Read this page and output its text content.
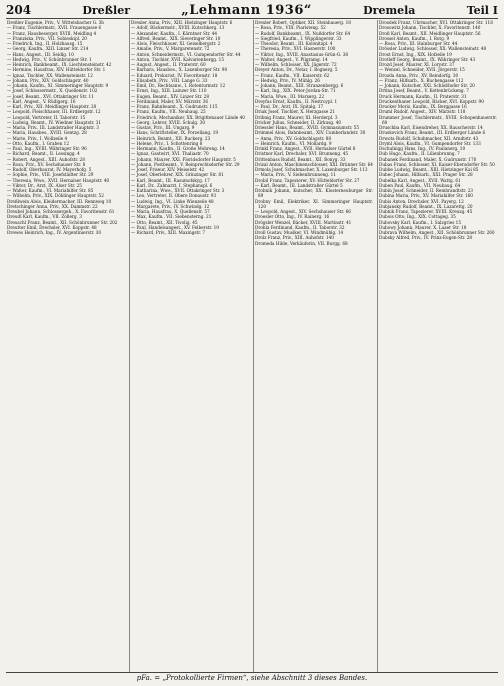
204	Dreßler	„Lehmann 1936“	Dremela	Teil I

Dreßler Eugenie, Priv., V. Wittelsbacher G. 3b

— Franz, Tischlermstr., XVII. Frauengasse 6

— Franz, Hausbesorger, XVIII. Meidling 4

— Franziska, Priv., VII. Sobieskipl. 20

— Friedrich, Ing., II. Holzhausg. 15

— Georg, Kaufm., XIII. Linzer Str. 214

— Hans, Angest., III. Seidlg. 10

— Hedwig, Priv., V. Schönbrunner Str. 1

— Heinrich, Bankbeamt., IX. Liechtensteinstr. 42

— Hermine, Hausfrau, XIV. Hütteldorfer Str. 1

— Ignaz, Tischler, XX. Wallensteinstr. 12

— Johann, Priv., XIV. Goldschlagstr. 40

— Johann, Kaufm., XI. Simmeringer Hauptstr. 9

— Josef, Schlossermstr., X. Quellenstr. 102

— Josef, Beamt., XVI. Ottakringer Str. 11

— Karl, Angest., V. Rüdigerg. 16

— Karl, Priv., XII. Meidlinger Hauptstr. 20

— Leopold, Fleischhauer, III. Erdbergstr. 12

— Leopold, Vertreter, II. Taborstr. 15

— Ludwig, Beamt., IV. Wiedner Hauptstr. 31

— Maria, Priv., III. Landstraßer Hauptstr. 3

— Maria, Hausbes., XVIII. Gentzg. 28

— Marie, Priv., I. Wollzeile 4

— Otto, Kaufm., I. Graben 12

— Paul, Ing., XVIII. Währinger Str. 96

— Richard, Beamt., II. Lessingg. 4

— Robert, Angest., XIII. Auhofstr. 28

— Rosa, Priv., XV. Sechshauser Str. 8

— Rudolf, Oberbaurat, IV. Mayerhofg. 5

— Sophie, Priv., VIII. Josefstädter Str. 29

— Theresia, Wwe., XVII. Hernalser Hauptstr. 40

— Viktor, Dr., Arzt, IX. Alser Str. 25

— Walter, Kaufm., VI. Mariahilfer Str. 85

— Wilhelm, Priv., XIX. Döblinger Hauptstr. 52

Dreßlwein Alois, Kleidermacher, III. Rennweg 10

Dretschinger Anna, Priv., XX. Dammstr. 22

Dreubel Johann, Schlossergeh., X. Favoritenstr. 61

Dreudl Karl, Kaufm., VII. Zollerg. 3

Dreuschl Franz, Beamt., XII. Schönbrunner Str. 202

Dreutter Emil, Drechsler, XVI. Koppstr. 48

Drewes Heinrich, Ing., IV. Argentinierstr. 30

Drexler Anna, Priv., XIII. Hietzinger Hauptstr. 6

— Adolf, Bäckermstr., XVIII. Kutschkerg. 13

— Alexander, Kaufm., I. Kärntner Str. 44

— Alfred, Beamt., XIX. Sieveringer Str. 10

— Alois, Fleischhauer, XI. Geiselbergstr. 2

— Amalie, Priv., V. Margaretenstr. 72

— Anton, Schneidermstr., VI. Gumpendorfer Str. 44

— Anton, Tischler, XVII. Kalvarienbergg. 15

— August, Angest., II. Praterstr. 60

— Barbara, Hausbes., X. Laxenburger Str. 90

— Eduard, Prokurist, IV. Favoritenstr. 18

— Elisabeth, Priv., VIII. Lange G. 33

— Emil, Dr., Rechtsanw., I. Rotenturmstr. 12

— Ernst, Ing., XIII. Lainzer Str. 110

— Eugen, Beamt., XIV. Linzer Str. 28

— Ferdinand, Maler, XV. Märzstr. 36

— Franz, Bahnbeamt., X. Gudrunstr. 115

— Franz, Kaufm., VII. Neubaug. 25

— Friedrich, Mechaniker, XX. Brigittenauer Lände 40

— Georg, Lehrer, XVIII. Schulg. 30

— Gustav, Priv., III. Ungarg. 9

— Hans, Schriftsteller, IX. Porzellang. 19

— Heinrich, Beamt., XII. Ruckerg. 23

— Helene, Priv., I. Schottenring 8

— Hermann, Kaufm., II. Große Mohreng. 14

— Ignaz, Gastwirt, XVI. Thaliastr. 70

— Johann, Maurer, XXI. Floridsdorfer Hauptstr. 5

— Johann, Postbeamt., V. Reinprechtsdorfer Str. 29

— Josef, Friseur, XIV. Meiselstr. 42

— Josef, Oberlehrer, XIX. Grinzinger Str. 81

— Karl, Beamt., III. Rasumofskyg. 17

— Karl, Dr., Zahnarzt, I. Stephanspl. 6

— Katharina, Wwe., XVII. Ottakringer Str. 3

— Leo, Vertreter, II. Obere Donaustr. 93

— Ludwig, Ing., VI. Linke Wienzeile 48

— Margarete, Priv., IV. Schwindg. 12

— Maria, Hausfrau, X. Quellenstr. 57

— Max, Kaufm., VII. Siebensterng. 21

— Otto, Beamt., XII. Tivolig. 45

— Paul, Handelsangest., XV. Felberstr. 19

— Richard, Priv., XIII. Maxingstr. 7

Drexler Robert, Optiker, XII. Steinbauerg. 18

— Rosa, Priv., VIII. Piaristeng. 52

— Rudolf, Bankbeamt., IX. Nußdorfer Str. 64

— Siegfried, Kaufm., I. Wipplingerstr. 33

— Theodor, Beamt., III. Kolonitzpl. 4

— Theresia, Priv., XVI. Hasnerstr. 100

— Viktor, Ing., XVIII. Anastasius-Grün-G. 38

— Walter, Angest., V. Pilgramg. 14

— Wilhelm, Schlosser, XX. Jägerstr. 72

Dreyer Anton, Dr., Notar, I. Bognerg. 5

— Franz, Kaufm., VII. Kaiserstr. 62

— Hedwig, Priv., IV. Mühlg. 26

— Johann, Beamt., XIII. Stranzenbergg. 6

— Karl, Ing., XIX. Peter-Jordan-Str. 71

— Maria, Wwe., III. Marxerg. 22

Dreyfus Ernst, Kaufm., II. Nestroypl. 1

— Paul, Dr., Arzt, IX. Spitalg. 17

Driak Josef, Tischler, X. Herzgasse 21

Dribnig Franz, Maurer, XI. Herderpl. 3

Dricker Julius, Schneider, II. Zirkusg. 40

Driessler Hans, Beamt., XVIII. Gymnasiumstr. 55

Drimmel Alois, Bahnbeamt., XIV. Cumberlandstr. 30

— Anna, Priv., XV. Goldschlagstr. 88

— Heinrich, Kaufm., VI. Mollardg. 9

Drinkl Franz, Angest., XVII. Hernalser Gürtel 8

Dristner Karl, Drechsler, XVI. Brunneng. 45

Drittenbass Rudolf, Beamt., XII. Bonyg. 33

Drizal Anton, Maschinenschlosser, XXI. Brünner Str. 64

Drmola Josef, Schuhmacher, X. Laxenburger Str. 113

— Maria, Priv., V. Siebenbrunneng. 11

Drobil Franz, Tapezierer, XV. Hütteldorfer Str. 27

— Karl, Beamt., III. Landstraßer Gürtel 5

Drobnik Johann, Kutscher, XX. Klosterneuburger Str. 89

Drobny Emil, Elektriker, XI. Simmeringer Hauptstr. 120

— Leopold, Angest., XIV. Sechshauser Str. 66

Droesler Otto, Ing., IV. Rainerg. 16

Drögsler Wenzel, Bäcker, XVIII. Martinstr. 41

Drohla Ferdinand, Kaufm., II. Taborstr. 32

Droll Gustav, Musiker, VI. Windmühlg. 14

Drolz Franz, Priv., XIII. Auhofstr. 140

Dromeda Hilde, Verkäuferin, VII. Burgg. 68

Drosdek Franz, Uhrmacher, XVI. Ottakringer Str. 118

Drosowitz Johann, Tischler, X. Favoritenstr. 140

Droß Karl, Beamt., XII. Meidlinger Hauptstr. 56

Drossel Anton, Kaufm., I. Rotg. 9

— Rosa, Priv., III. Hainburger Str. 44

Drössler Ludwig, Schlosser, XX. Wallensteinstr. 48

Drost Ernst, Ing., XIX. Hofzeile 19

Drotleff Georg, Beamt., IX. Währinger Str. 43

Drozd Josef, Maurer, XI. Lorystr. 37

— Wenzel, Schneider, XVII. Jörgerstr. 15

Drozda Anna, Priv., XV. Reindorfg. 30

— Franz, Hilfsarb., X. Buchengasse 112

— Johann, Kutscher, XXI. Schloßhofer Str. 20

Drtina Josef, Beamt., V. Kettenbrückeng. 7

Druck Hermann, Kaufm., II. Praterstr. 31

Druckenthaner Leopold, Bäcker, XVI. Koppstr. 90

Drucker Moriz, Kaufm., IX. Berggasse 16

Druml Rudolf, Angest., XIV. Märzstr. 118

Drummer Josef, Tischlermstr., XVIII. Schopenhauerstr. 60

Druschba Karl, Eisendreher, XX. Rauscherstr. 14

Druskovich Franz, Beamt., III. Erdberger Lände 6

Drwota Rudolf, Schuhmacher, XII. Arndtstr. 43

Dryml Alois, Kaufm., VI. Gumpendorfer Str. 133

Dschulnigg Hans, Ing., IV. Paulanerg. 10

Dub Hugo, Kaufm., II. Lilienbrunng. 7

Dubanek Ferdinand, Maler, X. Gudrunstr. 170

Dubas Franz, Schlosser, XI. Kaiser-Ebersdorfer Str. 50

Dubbe Ludwig, Beamt., XIII. Hietzinger Kai 85

Dubec Johann, Hilfsarb., XXI. Prager Str. 28

Dubelka Karl, Angest., XVII. Wattg. 61

Duben Paul, Kaufm., VII. Neubaug. 64

Dubin Josef, Schneider, II. Rembrandtstr. 23

Dubina Maria, Priv., XV. Mariahilfer Str. 160

Dubis Anton, Drechsler, XVI. Payerg. 12

Dubjansky Rudolf, Beamt., IX. Lazarettg. 20

Dubnik Franz, Tapezierer, XVIII. Kreuzg. 45

Dubois Otto, Ing., XIX. Cottageg. 35

Dubovsky Karl, Kaufm., I. Salzgries 15

Dubowy Johann, Maurer, X. Laaer Str. 18

Dubrava Wilhelm, Angest., XII. Schönbrunner Str. 260

Dubsky Alfred, Priv., IV. Prinz-Eugen-Str. 28

pFa. = „Protokollierte Firmen“, siehe Abschnitt 3 dieses Bandes.
